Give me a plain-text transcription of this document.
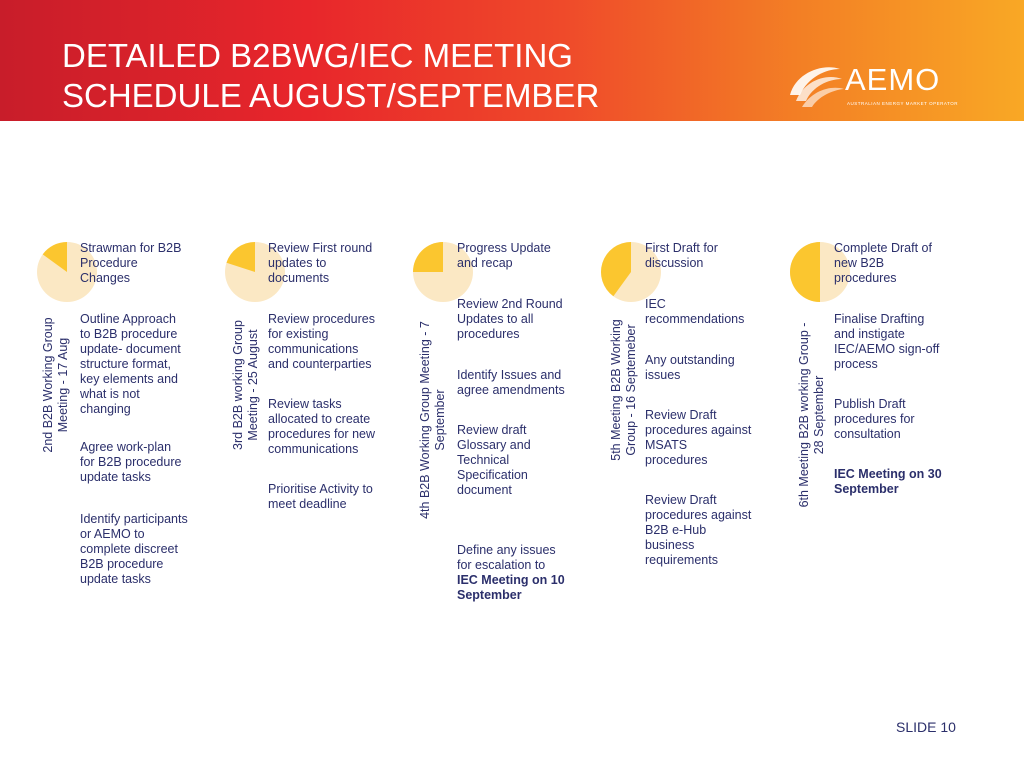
DETAILED B2BWG/IEC MEETING
SCHEDULE AUGUST/SEPTEMBER	AEMO
AUSTRALIAN ENERGY MARKET OPERATOR
2nd B2B Working Group Meeting - 17 Aug
Strawman for B2B
Procedure
Changes
Outline Approach
to B2B procedure
update- document
structure format,
key elements and
what is not
changing
Agree work-plan
for B2B procedure
update tasks
Identify participants
or AEMO to
complete discreet
B2B procedure
update tasks
3rd B2B working Group Meeting - 25 August
Review First round
updates to
documents
Review procedures
for existing
communications
and counterparties
Review tasks
allocated to create
procedures for new
communications
Prioritise Activity to
meet deadline	4th B2B Working Group Meeting - 7 September
Progress Update
and recap
Review 2nd Round
Updates to all
procedures
Identify Issues and
agree amendments
Review draft
Glossary and
Technical
Specification
document
Define any issues
for escalation to
IEC Meeting on 10
September
5th Meeting B2B Working Group - 16 Septemeber
First Draft for
discussion
IEC
recommendations
Any outstanding
issues
Review Draft
procedures against
MSATS
procedures
Review Draft
procedures against
B2B e-Hub
business
requirements
6th Meeting B2B working Group - 28 September
Complete Draft of
new B2B
procedures
Finalise Drafting
and instigate
IEC/AEMO sign-off
process
Publish Draft
procedures for
consultation
IEC Meeting on 30
September
SLIDE 10
